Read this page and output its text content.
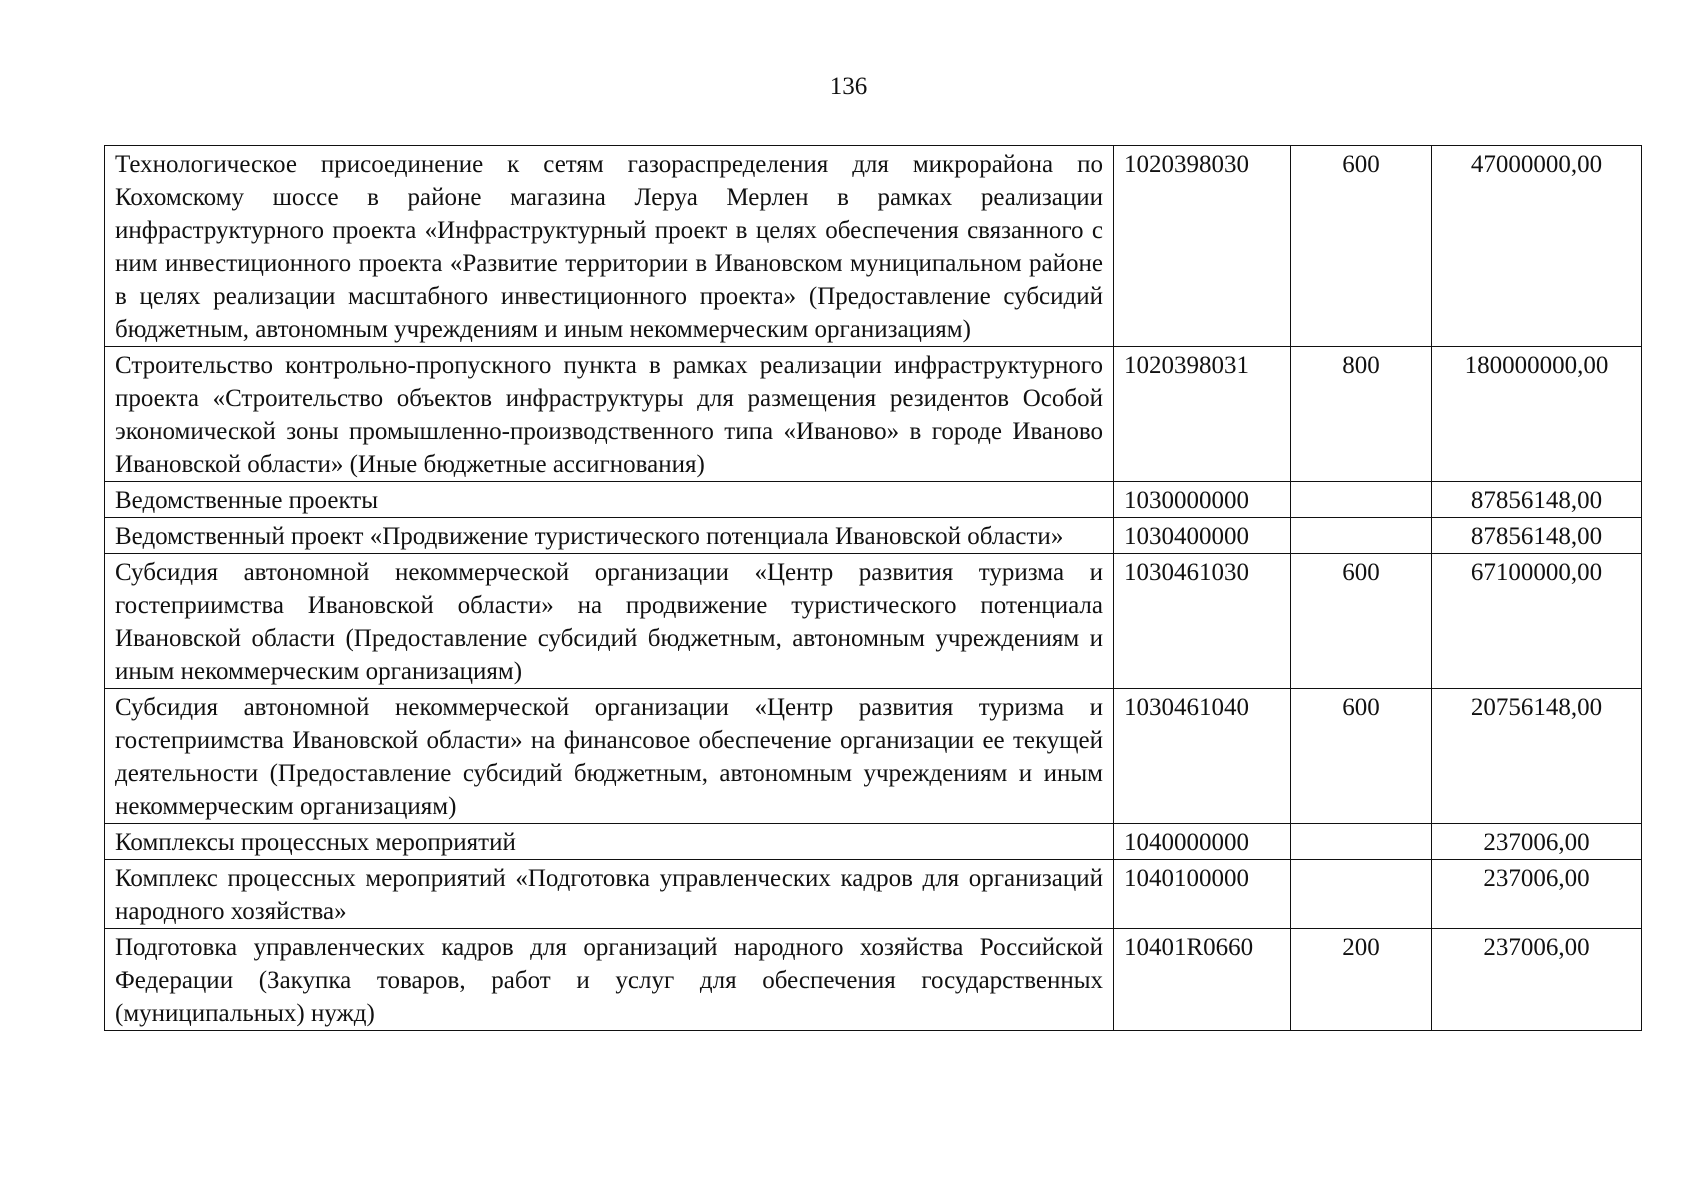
136
Технологическое присоединение к сетям газораспределения для микрорайона по Кохомскому шоссе в районе магазина Леруа Мерлен в рамках реализации инфраструктурного проекта «Инфраструктурный проект в целях обеспечения связанного с ним инвестиционного проекта «Развитие территории в Ивановском муниципальном районе в целях реализации масштабного инвестиционного проекта» (Предоставление субсидий бюджетным, автономным учреждениям и иным некоммерческим организациям)	1020398030	600	47000000,00
Строительство контрольно-пропускного пункта в рамках реализации инфраструктурного проекта «Строительство объектов инфраструктуры для размещения резидентов Особой экономической зоны промышленно-производственного типа «Иваново» в городе Иваново Ивановской области» (Иные бюджетные ассигнования)	1020398031	800	180000000,00
Ведомственные проекты	1030000000		87856148,00
Ведомственный проект «Продвижение туристического потенциала Ивановской области»	1030400000		87856148,00
Субсидия автономной некоммерческой организации «Центр развития туризма и гостеприимства Ивановской области» на продвижение туристического потенциала Ивановской области (Предоставление субсидий бюджетным, автономным учреждениям и иным некоммерческим организациям)	1030461030	600	67100000,00
Субсидия автономной некоммерческой организации «Центр развития туризма и гостеприимства Ивановской области» на финансовое обеспечение организации ее текущей деятельности (Предоставление субсидий бюджетным, автономным учреждениям и иным некоммерческим организациям)	1030461040	600	20756148,00
Комплексы процессных мероприятий	1040000000		237006,00
Комплекс процессных мероприятий «Подготовка управленческих кадров для организаций народного хозяйства»	1040100000		237006,00
Подготовка управленческих кадров для организаций народного хозяйства Российской Федерации (Закупка товаров, работ и услуг для обеспечения государственных (муниципальных) нужд)	10401R0660	200	237006,00
